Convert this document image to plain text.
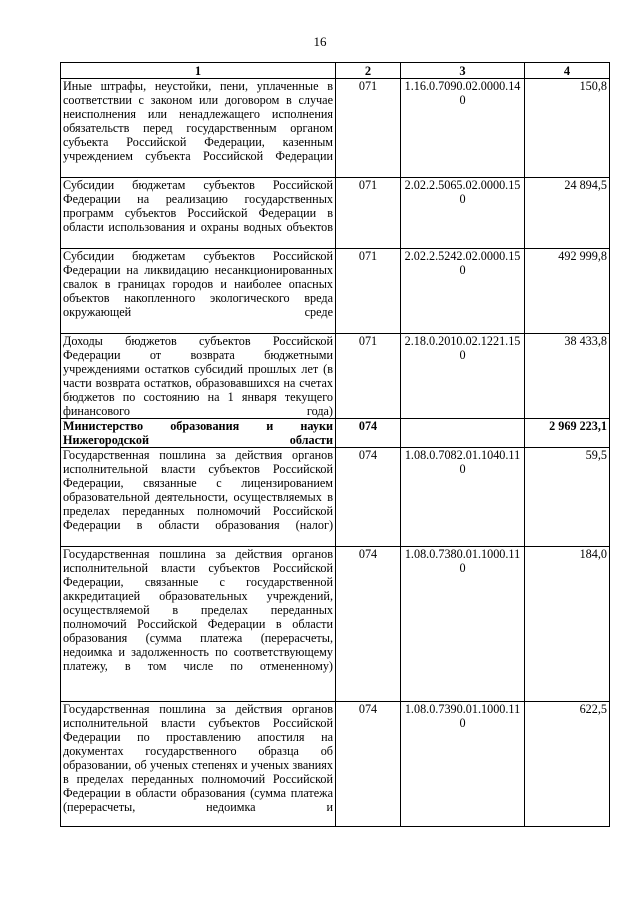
16
1	2	3	4
Иные штрафы, неустойки, пени, уплаченные в соответствии с законом или договором в случае неисполнения или ненадлежащего исполнения обязательств перед государственным органом субъекта Российской Федерации, казенным учреждением субъекта Российской Федерации	071	1.16.0.7090.02.0000.140	150,8
Субсидии бюджетам субъектов Российской Федерации на реализацию государственных программ субъектов Российской Федерации в области использования и охраны водных объектов	071	2.02.2.5065.02.0000.150	24 894,5
Субсидии бюджетам субъектов Российской Федерации на ликвидацию несанкционированных свалок в границах городов и наиболее опасных объектов накопленного экологического вреда окружающей среде	071	2.02.2.5242.02.0000.150	492 999,8
Доходы бюджетов субъектов Российской Федерации от возврата бюджетными учреждениями остатков субсидий прошлых лет (в части возврата остатков, образовавшихся на счетах бюджетов по состоянию на 1 января текущего финансового года)	071	2.18.0.2010.02.1221.150	38 433,8
Министерство образования и науки Нижегородской области	074		2 969 223,1
Государственная пошлина за действия органов исполнительной власти субъектов Российской Федерации, связанные с лицензированием образовательной деятельности, осуществляемых в пределах переданных полномочий Российской Федерации в области образования (налог)	074	1.08.0.7082.01.1040.110	59,5
Государственная пошлина за действия органов исполнительной власти субъектов Российской Федерации, связанные с государственной аккредитацией образовательных учреждений, осуществляемой в пределах переданных полномочий Российской Федерации в области образования (сумма платежа (перерасчеты, недоимка и задолженность по соответствующему платежу, в том числе по отмененному)	074	1.08.0.7380.01.1000.110	184,0
Государственная пошлина за действия органов исполнительной власти субъектов Российской Федерации по проставлению апостиля на документах государственного образца об образовании, об ученых степенях и ученых званиях в пределах переданных полномочий Российской Федерации в области образования (сумма платежа (перерасчеты, недоимка и	074	1.08.0.7390.01.1000.110	622,5
